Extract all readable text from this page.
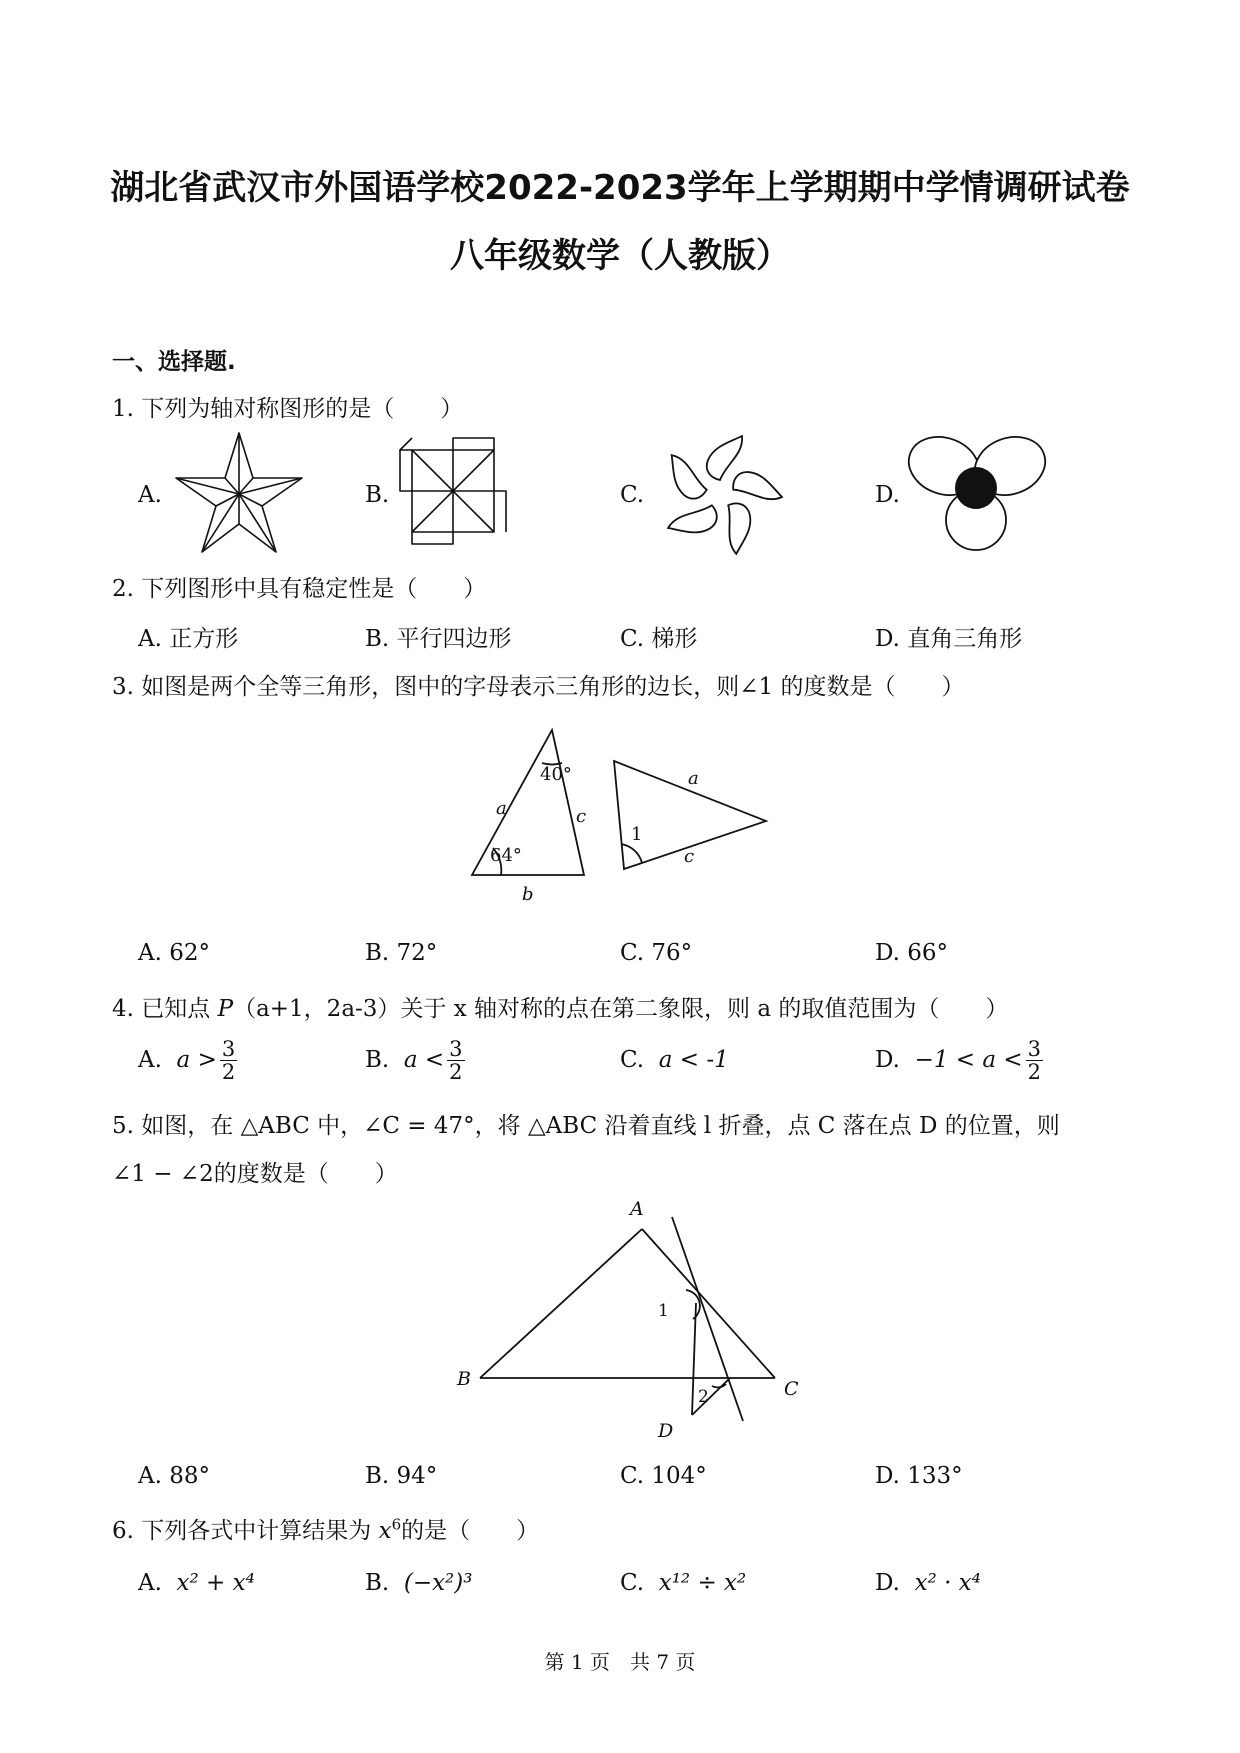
湖北省武汉市外国语学校2022-2023学年上学期期中学情调研试卷
八年级数学（人教版）
一、选择题.
1. 下列为轴对称图形的是（　　）
A.	B.	C.	D.
2. 下列图形中具有稳定性是（　　）
A. 正方形	B. 平行四边形	C. 梯形	D. 直角三角形
3. 如图是两个全等三角形，图中的字母表示三角形的边长，则∠1 的度数是（　　）
40°
64°
a	c
b
a
c
1
A. 62°	B. 72°	C. 76°	D. 66°
4. 已知点 P（a+1，2a-3）关于 x 轴对称的点在第二象限，则 a 的取值范围为（　　）
A.
$a > \frac{3}{2}$	B.
$a < \frac{3}{2}$	C.
a < -1	D.
$-1 < a < \frac{3}{2}$
5. 如图，在 △ABC 中，∠C = 47°，将 △ABC 沿着直线 l 折叠，点 C 落在点 D 的位置，则
∠1 − ∠2的度数是（　　）
A
B	C
D
1
2
A. 88°	B. 94°	C. 104°	D. 133°
6. 下列各式中计算结果为 $x^6$的是（　　）
A. x² + x⁴	B. (−x²)³	C. x¹² ÷ x²	D. x² · x⁴
第 1 页　共 7 页
